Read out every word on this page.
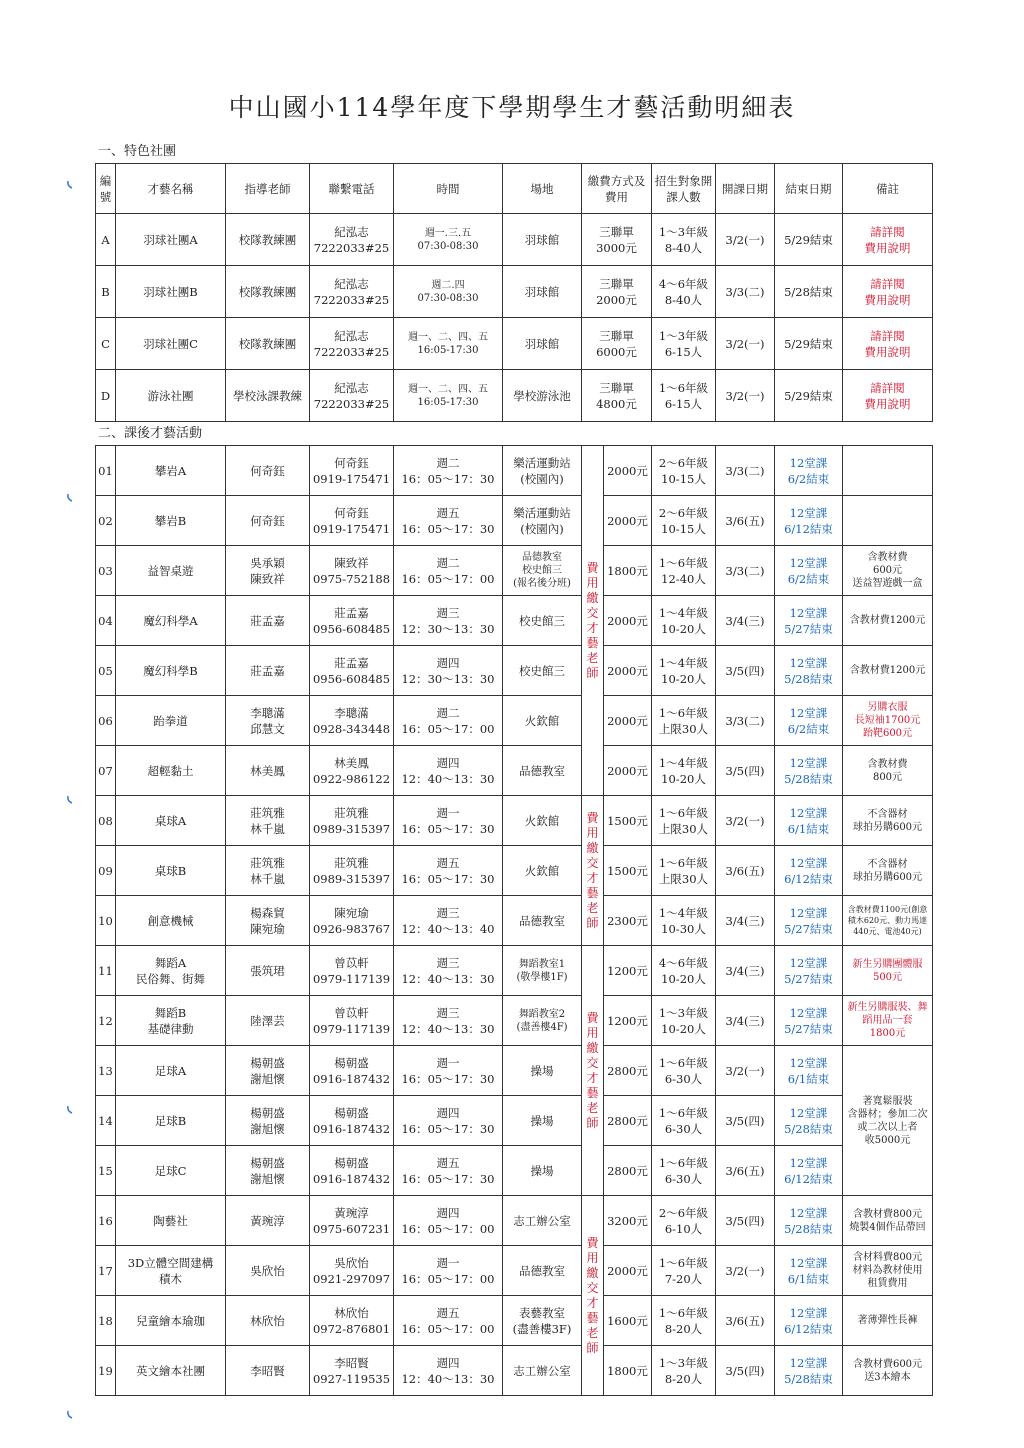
中山國小114學年度下學期學生才藝活動明細表
一、特色社團
二、課後才藝活動
編號	才藝名稱	指導老師	聯繫電話	時間	場地	繳費方式及費用	招生對象開課人數	開課日期	結束日期	備註
A	羽球社團A	校隊教練團	紀泓志
7222033#25	週一.三.五
07:30-08:30	羽球館	三聯單
3000元	1～3年級
8-40人	3/2(一)	5/29結束	請詳閱
費用說明
B	羽球社團B	校隊教練團	紀泓志
7222033#25	週二.四
07:30-08:30	羽球館	三聯單
2000元	4～6年級
8-40人	3/3(二)	5/28結束	請詳閱
費用說明
C	羽球社團C	校隊教練團	紀泓志
7222033#25	週一、二、四、五
16:05-17:30	羽球館	三聯單
6000元	1～3年級
6-15人	3/2(一)	5/29結束	請詳閱
費用說明
D	游泳社團	學校泳課教練	紀泓志
7222033#25	週一、二、四、五
16:05-17:30	學校游泳池	三聯單
4800元	1～6年級
6-15人	3/2(一)	5/29結束	請詳閱
費用說明
01	攀岩A	何奇鈺	何奇鈺
0919-175471	週二
16：05～17：30	樂活運動站
(校園內)	費用繳交才藝老師	2000元	2～6年級
10-15人	3/3(二)	12堂課
6/2結束	
02	攀岩B	何奇鈺	何奇鈺
0919-175471	週五
16：05～17：30	樂活運動站
(校園內)		2000元	2～6年級
10-15人	3/6(五)	12堂課
6/12結束	
03	益智桌遊	吳承穎
陳致祥	陳致祥
0975-752188	週二
16：05～17：00	品德教室
校史館三
(報名後分班)		1800元	1～6年級
12-40人	3/3(二)	12堂課
6/2結束	含教材費
600元
送益智遊戲一盒
04	魔幻科學A	莊孟嘉	莊孟嘉
0956-608485	週三
12：30～13：30	校史館三		2000元	1～4年級
10-20人	3/4(三)	12堂課
5/27結束	含教材費1200元
05	魔幻科學B	莊孟嘉	莊孟嘉
0956-608485	週四
12：30～13：30	校史館三		2000元	1～4年級
10-20人	3/5(四)	12堂課
5/28結束	含教材費1200元
06	跆拳道	李聰滿
邱慧文	李聰滿
0928-343448	週二
16：05～17：00	火欽館		2000元	1～6年級
上限30人	3/3(二)	12堂課
6/2結束	另購衣服
長短袖1700元
跆靶600元
07	超輕黏土	林美鳳	林美鳳
0922-986122	週四
12：40～13：30	品德教室		2000元	1～4年級
10-20人	3/5(四)	12堂課
5/28結束	含教材費
800元
08	桌球A	莊筑雅
林千嵐	莊筑雅
0989-315397	週一
16：05～17：30	火欽館	費用繳交才藝老師	1500元	1～6年級
上限30人	3/2(一)	12堂課
6/1結束	不含器材
球拍另購600元
09	桌球B	莊筑雅
林千嵐	莊筑雅
0989-315397	週五
16：05～17：30	火欽館		1500元	1～6年級
上限30人	3/6(五)	12堂課
6/12結束	不含器材
球拍另購600元
10	創意機械	楊森貿
陳宛瑜	陳宛瑜
0926-983767	週三
12：40～13：40	品德教室		2300元	1～4年級
10-30人	3/4(三)	12堂課
5/27結束	含教材費1100元(創意積木620元、動力馬達440元、電池40元)
11	舞蹈A
民俗舞、街舞	張筑珺	曾苡軒
0979-117139	週三
12：40～13：30	舞蹈教室1
(敬學樓1F)	費用繳交才藝老師	1200元	4～6年級
10-20人	3/4(三)	12堂課
5/27結束	新生另購團體服
500元
12	舞蹈B
基礎律動	陸澤芸	曾苡軒
0979-117139	週三
12：40～13：30	舞蹈教室2
(盡善樓4F)		1200元	1～3年級
10-20人	3/4(三)	12堂課
5/27結束	新生另購服裝、舞蹈用品一套
1800元
13	足球A	楊朝盛
謝旭懷	楊朝盛
0916-187432	週一
16：05～17：30	操場		2800元	1～6年級
6-30人	3/2(一)	12堂課
6/1結束	著寬鬆服裝
含器材；參加二次或二次以上者
收5000元
14	足球B	楊朝盛
謝旭懷	楊朝盛
0916-187432	週四
16：05～17：30	操場		2800元	1～6年級
6-30人	3/5(四)	12堂課
5/28結束	
15	足球C	楊朝盛
謝旭懷	楊朝盛
0916-187432	週五
16：05～17：30	操場		2800元	1～6年級
6-30人	3/6(五)	12堂課
6/12結束	
16	陶藝社	黃琬淳	黃琬淳
0975-607231	週四
16：05～17：00	志工辦公室	費用繳交才藝老師	3200元	2～6年級
6-10人	3/5(四)	12堂課
5/28結束	含教材費800元
燒製4個作品帶回
17	3D立體空間建構
積木	吳欣怡	吳欣怡
0921-297097	週一
16：05～17：00	品德教室		2000元	1～6年級
7-20人	3/2(一)	12堂課
6/1結束	含材料費800元
材料為教材使用
租賃費用
18	兒童繪本瑜珈	林欣怡	林欣怡
0972-876801	週五
16：05～17：00	表藝教室
(盡善樓3F)		1600元	1～6年級
8-20人	3/6(五)	12堂課
6/12結束	著薄彈性長褲
19	英文繪本社團	李昭賢	李昭賢
0927-119535	週四
12：40～13：30	志工辦公室		1800元	1～3年級
8-20人	3/5(四)	12堂課
5/28結束	含教材費600元
送3本繪本
